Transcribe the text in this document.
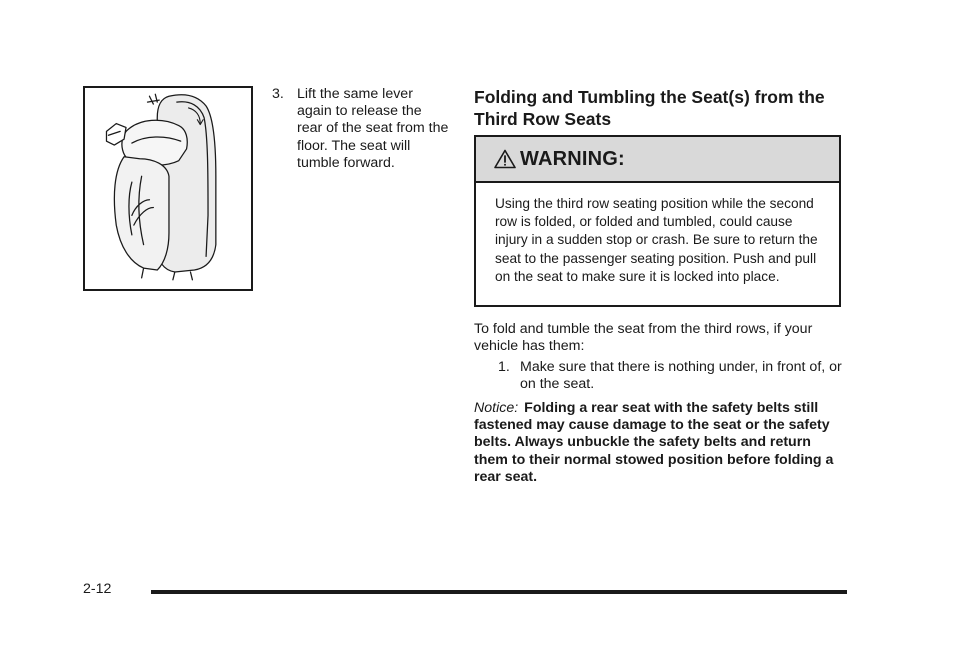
3. Lift the same lever again to release the rear of the seat from the floor. The seat will tumble forward.
Folding and Tumbling the Seat(s) from the Third Row Seats
WARNING:
Using the third row seating position while the second row is folded, or folded and tumbled, could cause injury in a sudden stop or crash. Be sure to return the seat to the passenger seating position. Push and pull on the seat to make sure it is locked into place.

To fold and tumble the seat from the third rows, if your vehicle has them:

1. Make sure that there is nothing under, in front of, or on the seat.

Notice: Folding a rear seat with the safety belts still fastened may cause damage to the seat or the safety belts. Always unbuckle the safety belts and return them to their normal stowed position before folding a rear seat.

2-12
